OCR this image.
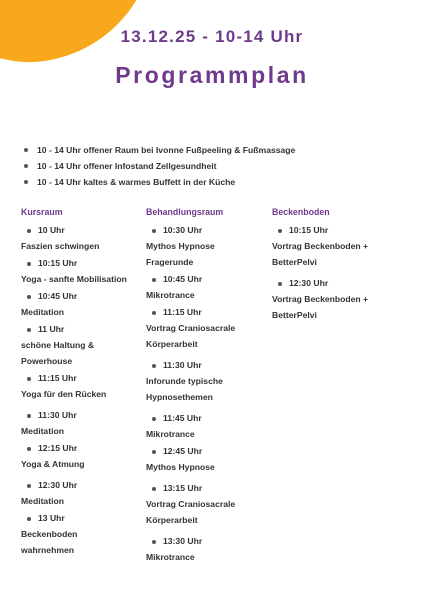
13.12.25 - 10-14 Uhr
Programmplan
10 - 14 Uhr offener Raum bei Ivonne Fußpeeling & Fußmassage
10 - 14 Uhr offener Infostand Zellgesundheit
10 - 14 Uhr kaltes & warmes Buffett in der Küche
Kursraum
10 Uhr
Faszien schwingen
10:15 Uhr
Yoga - sanfte Mobilisation
10:45 Uhr
Meditation
11 Uhr
schöne Haltung &
Powerhouse
11:15 Uhr
Yoga für den Rücken
11:30 Uhr
Meditation
12:15 Uhr
Yoga & Atmung
12:30 Uhr
Meditation
13 Uhr
Beckenboden
wahrnehmen
Behandlungsraum
10:30 Uhr
Mythos Hypnose
Fragerunde
10:45 Uhr
Mikrotrance
11:15 Uhr
Vortrag Craniosacrale
Körperarbeit
11:30 Uhr
Inforunde typische
Hypnosethemen
11:45 Uhr
Mikrotrance
12:45 Uhr
Mythos Hypnose
13:15 Uhr
Vortrag Craniosacrale
Körperarbeit
13:30 Uhr
Mikrotrance
Beckenboden
10:15 Uhr
Vortrag Beckenboden +
BetterPelvi
12:30 Uhr
Vortrag Beckenboden +
BetterPelvi
